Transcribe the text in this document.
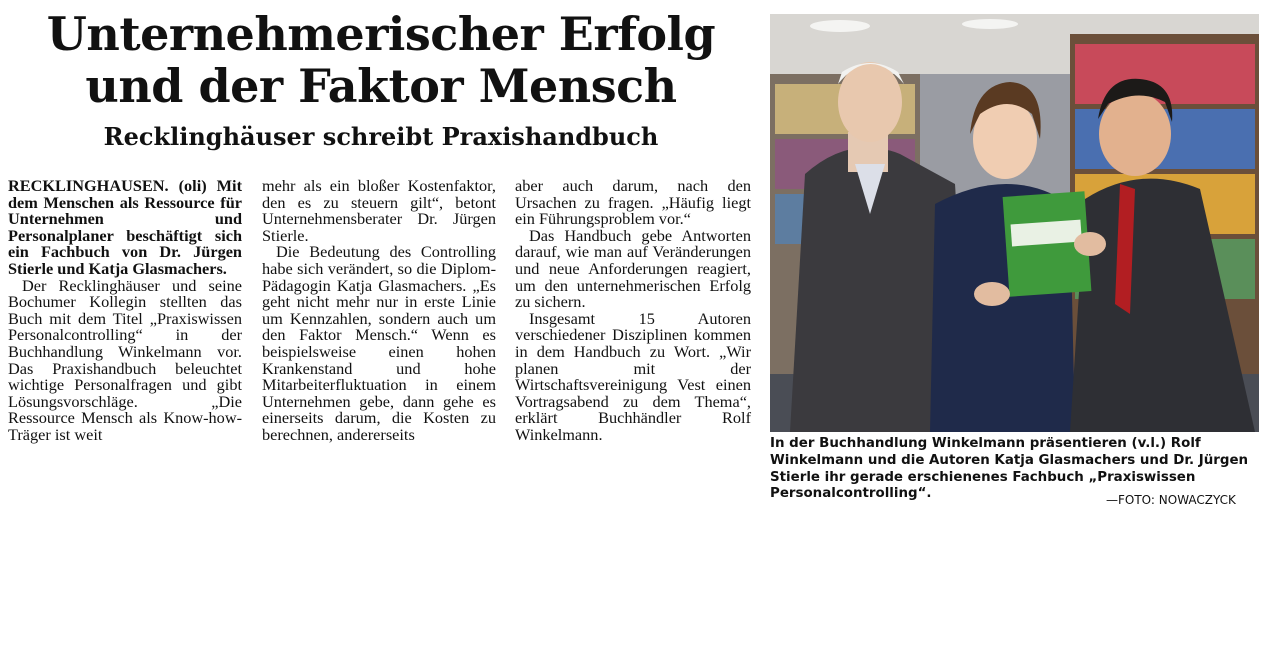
Unternehmerischer Erfolg
und der Faktor Mensch
Recklinghäuser schreibt Praxishandbuch

RECKLINGHAUSEN. (oli) Mit dem Menschen als Ressource für Unternehmen und Personalplaner beschäftigt sich ein Fachbuch von Dr. Jürgen Stierle und Katja Glasmachers.

Der Recklinghäuser und seine Bochumer Kollegin stellten das Buch mit dem Titel „Praxiswissen Personalcontrolling“ in der Buchhandlung Winkelmann vor. Das Praxishandbuch beleuchtet wichtige Personalfragen und gibt Lösungsvorschläge. „Die Ressource Mensch als Know-how-Träger ist weit

mehr als ein bloßer Kostenfaktor, den es zu steuern gilt“, betont Unternehmensberater Dr. Jürgen Stierle.

Die Bedeutung des Controlling habe sich verändert, so die Diplom-Pädagogin Katja Glasmachers. „Es geht nicht mehr nur in erste Linie um Kennzahlen, sondern auch um den Faktor Mensch.“ Wenn es beispielsweise einen hohen Krankenstand und hohe Mitarbeiterfluktuation in einem Unternehmen gebe, dann gehe es einerseits darum, die Kosten zu berechnen, andererseits

aber auch darum, nach den Ursachen zu fragen. „Häufig liegt ein Führungsproblem vor.“

Das Handbuch gebe Antworten darauf, wie man auf Veränderungen und neue Anforderungen reagiert, um den unternehmerischen Erfolg zu sichern.

Insgesamt 15 Autoren verschiedener Disziplinen kommen in dem Handbuch zu Wort. „Wir planen mit der Wirtschaftsvereinigung Vest einen Vortragsabend zu dem Thema“, erklärt Buchhändler Rolf Winkelmann.	In der Buchhandlung Winkelmann präsentieren (v.l.) Rolf Winkelmann und die Autoren Katja Glasmachers und Dr. Jürgen Stierle ihr gerade erschienenes Fachbuch „Praxiswissen Personalcontrolling“.	—FOTO: NOWACZYCK
